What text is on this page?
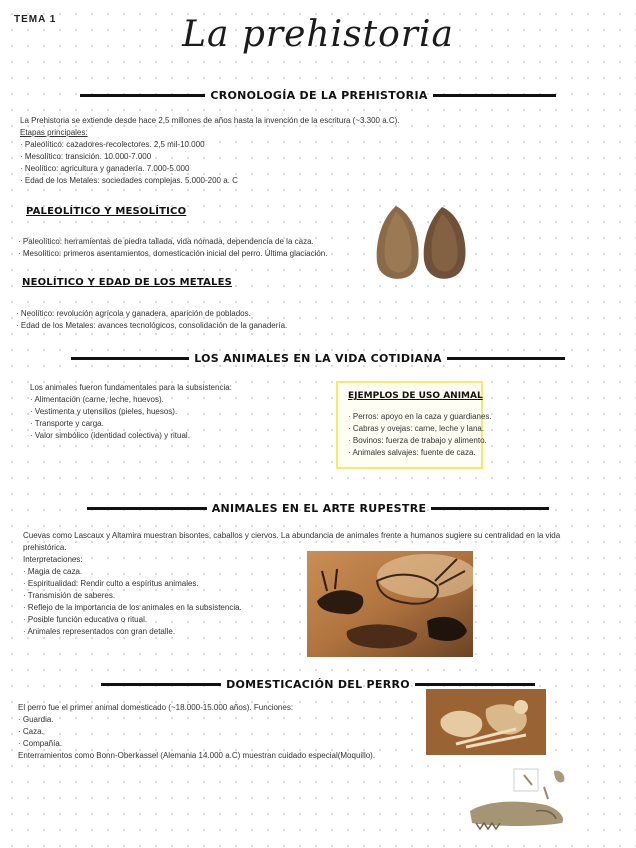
TEMA 1	La prehistoria
CRONOLOGÍA DE LA PREHISTORIA
La Prehistoria se extiende desde hace 2,5 millones de años hasta la invención de la escritura (~3.300 a.C).
Etapas principales:
· Paleolítico: cazadores-recolectores. 2,5 mil-10.000
· Mesolítico: transición. 10.000-7.000
· Neolítico: agricultura y ganadería. 7.000-5.000
· Edad de los Metales: sociedades complejas. 5.000-200 a. C
PALEOLÍTICO Y MESOLÍTICO
· Paleolítico: herramientas de piedra tallada, vida nómada, dependencia de la caza.
· Mesolítico: primeros asentamientos, domesticación inicial del perro. Última glaciación.
NEOLÍTICO Y EDAD DE LOS METALES
· Neolítico: revolución agrícola y ganadera, aparición de poblados.
· Edad de los Metales: avances tecnológicos, consolidación de la ganadería.
LOS ANIMALES EN LA VIDA COTIDIANA
Los animales fueron fundamentales para la subsistencia:
· Alimentación (carne, leche, huevos).
· Vestimenta y utensilios (pieles, huesos).
· Transporte y carga.
· Valor simbólico (identidad colectiva) y ritual.
EJEMPLOS DE USO ANIMAL
· Perros: apoyo en la caza y guardianes.
· Cabras y ovejas: carne, leche y lana.
· Bovinos: fuerza de trabajo y alimento.
· Animales salvajes: fuente de caza.
ANIMALES EN EL ARTE RUPESTRE
Cuevas como Lascaux y Altamira muestran bisontes, caballos y ciervos. La abundancia de animales frente a humanos sugiere su centralidad en la vida
prehistórica.
Interpretaciones:
· Magia de caza.
· Espiritualidad: Rendir culto a espíritus animales.
· Transmisión de saberes.
· Reflejo de la importancia de los animales en la subsistencia.
· Posible función educativa o ritual.
· Animales representados con gran detalle.
DOMESTICACIÓN DEL PERRO
El perro fue el primer animal domesticado (~18.000-15.000 años). Funciones:
· Guardia.
· Caza.
· Compañía.
Enterramientos como Bonn-Oberkassel (Alemania 14.000 a.C) muestran cuidado especial(Moquillo).
